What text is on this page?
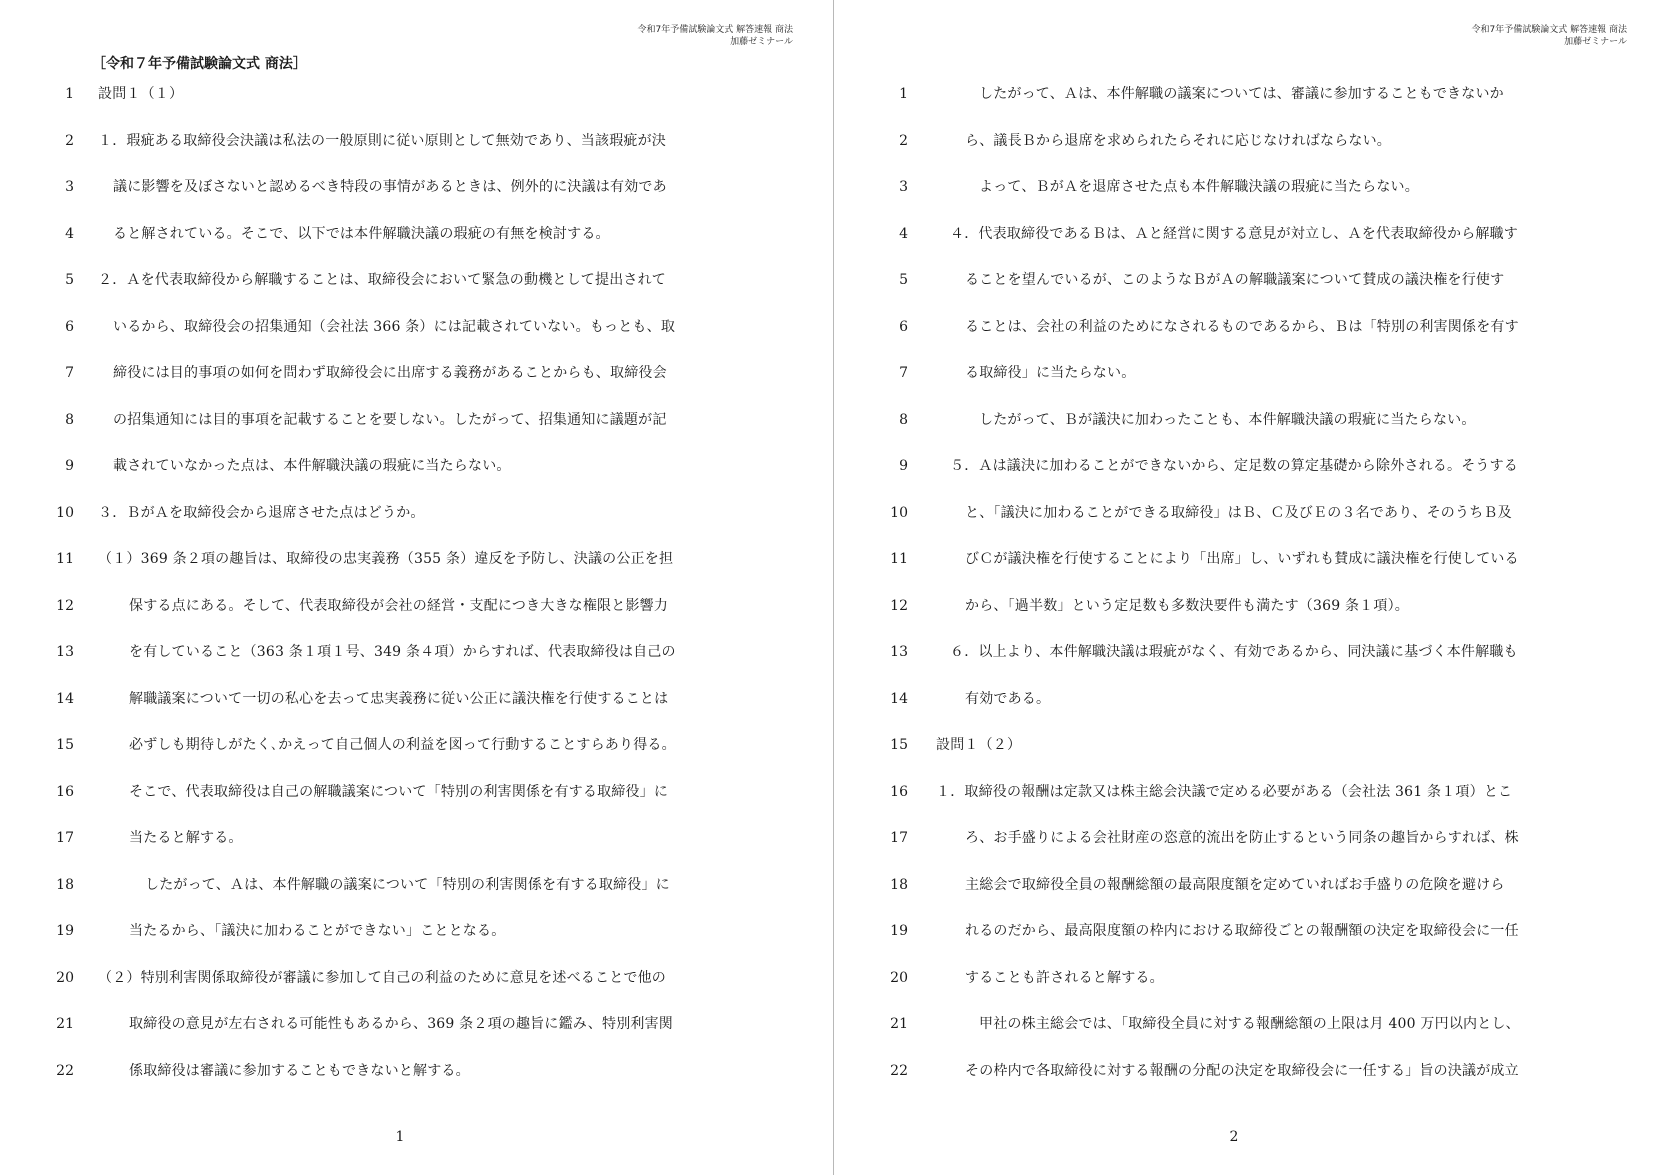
令和7年予備試験論文式 解答速報 商法
加藤ゼミナール
［令和７年予備試験論文式 商法］
1 設問１（１）
2 １．瑕疵ある取締役会決議は私法の一般原則に従い原則として無効であり、当該瑕疵が決
3	議に影響を及ぼさないと認めるべき特段の事情があるときは、例外的に決議は有効であ
4	ると解されている。そこで、以下では本件解職決議の瑕疵の有無を検討する。
5 ２．Ａを代表取締役から解職することは、取締役会において緊急の動機として提出されて
6	いるから、取締役会の招集通知（会社法 366 条）には記載されていない。もっとも、取
7	締役には目的事項の如何を問わず取締役会に出席する義務があることからも、取締役会
8	の招集通知には目的事項を記載することを要しない。したがって、招集通知に議題が記
9	載されていなかった点は、本件解職決議の瑕疵に当たらない。
10 ３．ＢがＡを取締役会から退席させた点はどうか。
11 （１）369 条２項の趣旨は、取締役の忠実義務（355 条）違反を予防し、決議の公正を担
12	保する点にある。そして、代表取締役が会社の経営・支配につき大きな権限と影響力
13	を有していること（363 条１項１号、349 条４項）からすれば、代表取締役は自己の
14	解職議案について一切の私心を去って忠実義務に従い公正に議決権を行使することは
15	必ずしも期待しがたく､かえって自己個人の利益を図って行動することすらあり得る。
16	そこで、代表取締役は自己の解職議案について「特別の利害関係を有する取締役」に
17	当たると解する。
18	したがって、Ａは、本件解職の議案について「特別の利害関係を有する取締役」に
19	当たるから、「議決に加わることができない」こととなる。
20 （２）特別利害関係取締役が審議に参加して自己の利益のために意見を述べることで他の
21	取締役の意見が左右される可能性もあるから、369 条２項の趣旨に鑑み、特別利害関
22	係取締役は審議に参加することもできないと解する。
1
令和7年予備試験論文式 解答速報 商法
加藤ゼミナール
1	したがって、Ａは、本件解職の議案については、審議に参加することもできないか
2	ら、議長Ｂから退席を求められたらそれに応じなければならない。
3	よって、ＢがＡを退席させた点も本件解職決議の瑕疵に当たらない。
4	４．代表取締役であるＢは、Ａと経営に関する意見が対立し、Ａを代表取締役から解職す
5	ることを望んでいるが、このようなＢがＡの解職議案について賛成の議決権を行使す
6	ることは、会社の利益のためになされるものであるから、Ｂは「特別の利害関係を有す
7	る取締役」に当たらない。
8	したがって、Ｂが議決に加わったことも、本件解職決議の瑕疵に当たらない。
9	５．Ａは議決に加わることができないから、定足数の算定基礎から除外される。そうする
10	と、「議決に加わることができる取締役」はＢ、Ｃ及びＥの３名であり、そのうちＢ及
11	びＣが議決権を行使することにより「出席」し、いずれも賛成に議決権を行使している
12	から、「過半数」という定足数も多数決要件も満たす（369 条１項）。
13	６．以上より、本件解職決議は瑕疵がなく、有効であるから、同決議に基づく本件解職も
14	有効である。
15 設問１（２）
16 １．取締役の報酬は定款又は株主総会決議で定める必要がある（会社法 361 条１項）とこ
17	ろ、お手盛りによる会社財産の恣意的流出を防止するという同条の趣旨からすれば、株
18	主総会で取締役全員の報酬総額の最高限度額を定めていればお手盛りの危険を避けら
19	れるのだから、最高限度額の枠内における取締役ごとの報酬額の決定を取締役会に一任
20	することも許されると解する。
21	甲社の株主総会では、「取締役全員に対する報酬総額の上限は月 400 万円以内とし、
22	その枠内で各取締役に対する報酬の分配の決定を取締役会に一任する」旨の決議が成立
2
